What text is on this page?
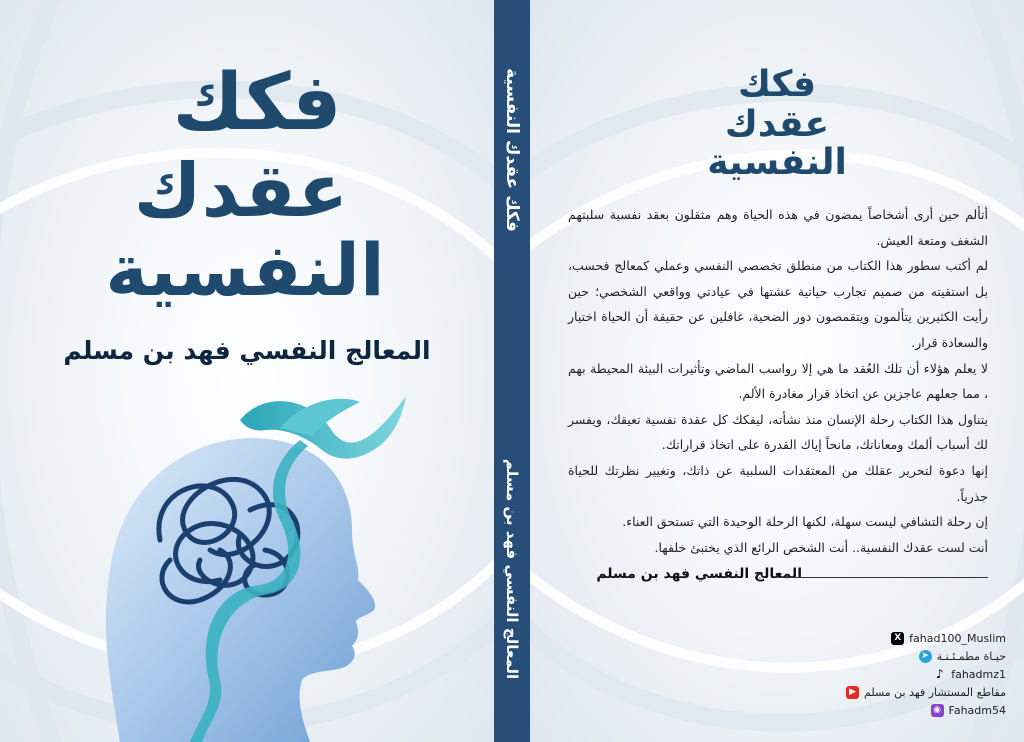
فكك
عقدك
النفسية
المعالج النفسي فهد بن مسلم
فكك عقدك النفسية
المعالج النفسي فهد بن مسلم
فكك
عقدك
النفسية

أتألم حين أرى أشخاصاً يمضون في هذه الحياة وهم مثقلون بعقد نفسية سلبتهم الشغف ومتعة العيش.

لم أكتب سطور هذا الكتاب من منطلق تخصصي النفسي وعملي كمعالج فحسب، بل استقيته من صميم تجارب حياتية عشتها في عيادتي وواقعي الشخصي؛ حين رأيت الكثيرين يتألمون ويتقمصون دور الضحية، غافلين عن حقيقة أن الحياة اختيار والسعادة قرار.

لا يعلم هؤلاء أن تلك العُقد ما هي إلا رواسب الماضي وتأثيرات البيئة المحيطة بهم ، مما جعلهم عاجزين عن اتخاذ قرار مغادرة الألم.

يتناول هذا الكتاب رحلة الإنسان منذ نشأته، ليفكك كل عقدة نفسية تعيقك، ويفسر لك أسباب ألمك ومعاناتك، مانحاً إياك القدرة على اتخاذ قراراتك.

إنها دعوة لتحرير عقلك من المعتقدات السلبية عن ذاتك، وتغيير نظرتك للحياة جذرياً.

إن رحلة التشافي ليست سهلة، لكنها الرحلة الوحيدة التي تستحق العناء.

أنت لست عقدك النفسية.. أنت الشخص الرائع الذي يختبئ خلفها.

المعالج النفسي فهد بن مسلم
X fahad100_Muslim
➤ حيـاة مطمـئـنـة
♪ fahadmz1
▶ مقاطع المستشار فهد بن مسلم
◉ Fahadm54
